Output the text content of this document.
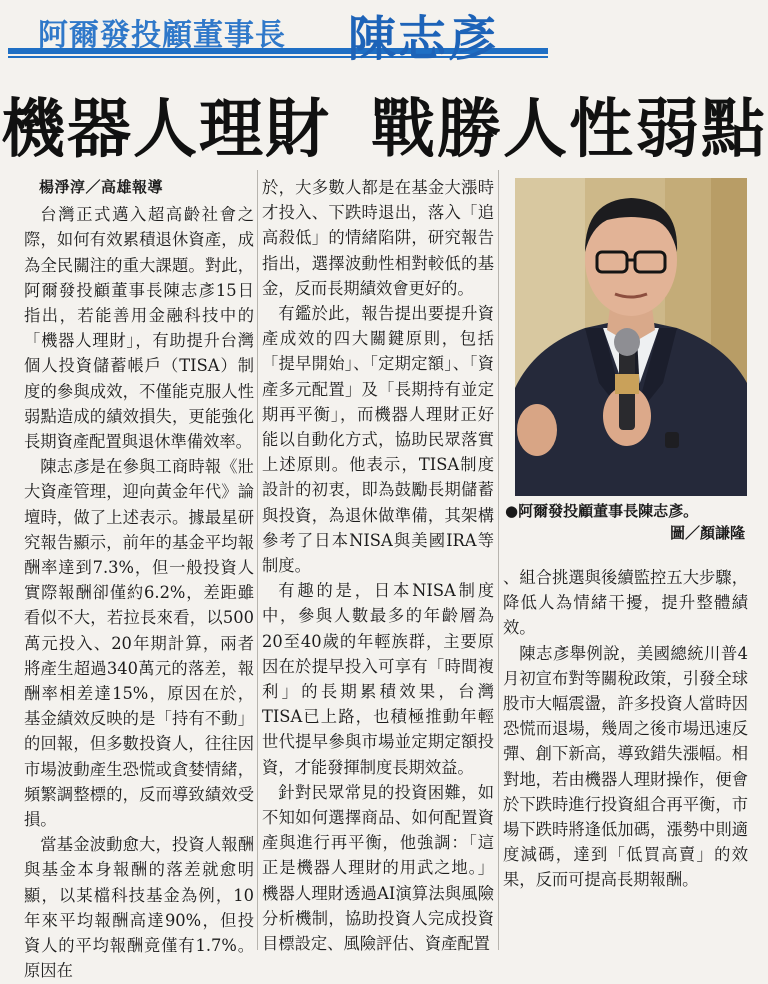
阿爾發投顧董事長 陳志彥
機器人理財 戰勝人性弱點

楊淨淳／高雄報導

台灣正式邁入超高齡社會之際，如何有效累積退休資產，成為全民關注的重大課題。對此，阿爾發投顧董事長陳志彥15日指出，若能善用金融科技中的「機器人理財」，有助提升台灣個人投資儲蓄帳戶（TISA）制度的參與成效，不僅能克服人性弱點造成的績效損失，更能強化長期資產配置與退休準備效率。

陳志彥是在參與工商時報《壯大資產管理，迎向黃金年代》論壇時，做了上述表示。據最星研究報告顯示，前年的基金平均報酬率達到7.3%，但一般投資人實際報酬卻僅約6.2%，差距雖看似不大，若拉長來看，以500萬元投入、20年期計算，兩者將產生超過340萬元的落差，報酬率相差達15%，原因在於，基金績效反映的是「持有不動」的回報，但多數投資人，往往因市場波動產生恐慌或貪婪情緒，頻繁調整標的，反而導致績效受損。

當基金波動愈大，投資人報酬與基金本身報酬的落差就愈明顯，以某檔科技基金為例，10年來平均報酬高達90%，但投資人的平均報酬竟僅有1.7%。原因在

於，大多數人都是在基金大漲時才投入、下跌時退出，落入「追高殺低」的情緒陷阱，研究報告指出，選擇波動性相對較低的基金，反而長期績效會更好的。

有鑑於此，報告提出要提升資產成效的四大關鍵原則，包括「提早開始」、「定期定額」、「資產多元配置」及「長期持有並定期再平衡」，而機器人理財正好能以自動化方式，協助民眾落實上述原則。他表示，TISA制度設計的初衷，即為鼓勵長期儲蓄與投資，為退休做準備，其架構參考了日本NISA與美國IRA等制度。

有趣的是，日本NISA制度中，參與人數最多的年齡層為20至40歲的年輕族群，主要原因在於提早投入可享有「時間複利」的長期累積效果，台灣TISA已上路，也積極推動年輕世代提早參與市場並定期定額投資，才能發揮制度長期效益。

針對民眾常見的投資困難，如不知如何選擇商品、如何配置資產與進行再平衡，他強調：「這正是機器人理財的用武之地。」機器人理財透過AI演算法與風險分析機制，協助投資人完成投資目標設定、風險評估、資產配置

●阿爾發投顧董事長陳志彥。
圖／顏謙隆

、組合挑選與後續監控五大步驟，降低人為情緒干擾，提升整體績效。

陳志彥舉例說，美國總統川普4月初宣布對等關稅政策，引發全球股市大幅震盪，許多投資人當時因恐慌而退場，幾周之後市場迅速反彈、創下新高，導致錯失漲幅。相對地，若由機器人理財操作，便會於下跌時進行投資組合再平衡，市場下跌時將逢低加碼，漲勢中則適度減碼，達到「低買高賣」的效果，反而可提高長期報酬。
